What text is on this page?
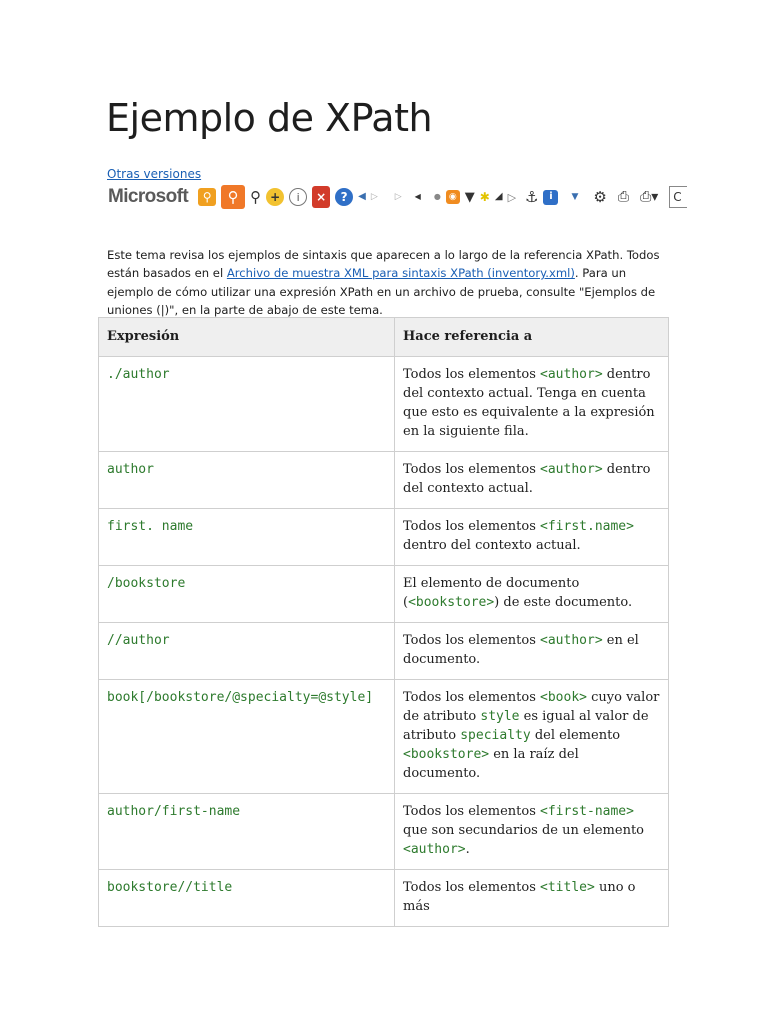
Ejemplo de XPath
Otras versiones
Microsoft	⚲	⚲ ⚲ +	i	×	?	◀ ▷ ▷ ◀ ● ◉ ▼ ✱ ◢ ▷ ⚓	i	▼ ⚙ ⎙ ⎙▾	C

Este tema revisa los ejemplos de sintaxis que aparecen a lo largo de la referencia XPath. Todos están basados en el Archivo de muestra XML para sintaxis XPath (inventory.xml). Para un ejemplo de cómo utilizar una expresión XPath en un archivo de prueba, consulte "Ejemplos de uniones (|)", en la parte de abajo de este tema.

Expresión	Hace referencia a
./author	Todos los elementos <author> dentro del contexto actual. Tenga en cuenta que esto es equivalente a la expresión en la siguiente fila.
author	Todos los elementos <author> dentro del contexto actual.
first. name	Todos los elementos <first.name> dentro del contexto actual.
/bookstore	El elemento de documento (<bookstore>) de este documento.
//author	Todos los elementos <author> en el documento.
book[/bookstore/@specialty=@style]	Todos los elementos <book> cuyo valor de atributo style es igual al valor de atributo specialty del elemento <bookstore> en la raíz del documento.
author/first-name	Todos los elementos <first-name> que son secundarios de un elemento <author>.
bookstore//title	Todos los elementos <title> uno o más
